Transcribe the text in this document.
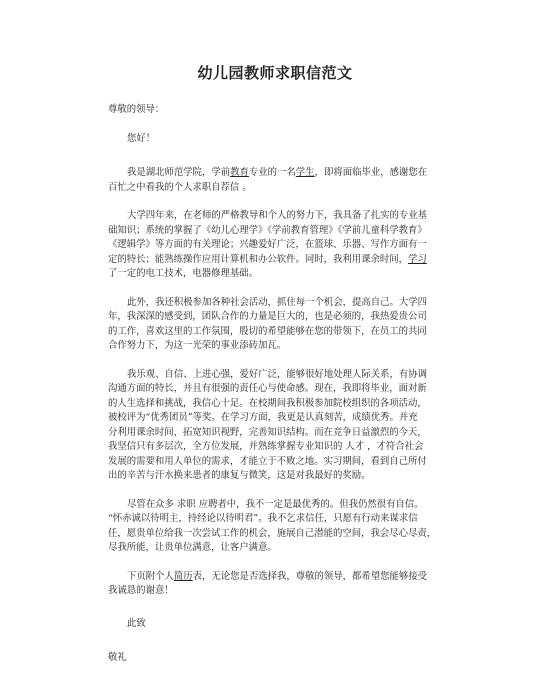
幼儿园教师求职信范文

尊敬的领导：

您好！

我是湖北师范学院，学前教育专业的一名学生，即将面临毕业，感谢您在

百忙之中看我的个人求职自荐信 。

大学四年来，在老师的严格教导和个人的努力下，我具备了扎实的专业基

础知识；系统的掌握了《幼儿心理学》《学前教育管理》《学前儿童科学教育》

《逻辑学》等方面的有关理论；兴趣爱好广泛，在篮球、乐器、写作方面有一

定的特长；能熟练操作应用计算机和办公软件。同时，我利用课余时间，学习

了一定的电工技术，电器修理基础。

此外，我还积极参加各种社会活动，抓住每一个机会，提高自己。大学四

年，我深深的感受到，团队合作的力量是巨大的，也是必须的，我热爱贵公司

的工作，喜欢这里的工作氛围，殷切的希望能够在您的带领下，在员工的共同

合作努力下，为这一光荣的事业添砖加瓦。

我乐观、自信、上进心强，爱好广泛，能够很好地处理人际关系，有协调

沟通方面的特长，并且有很强的责任心与使命感。现在，我即将毕业，面对新

的人生选择和挑战，我信心十足。在校期间我积极参加院校组织的各项活动，

被校评为“优秀团员”等奖。在学习方面，我更是认真刻苦，成绩优秀。并充

分利用课余时间，拓宽知识视野，完善知识结构。而在竞争日益激烈的今天，

我坚信只有多层次，全方位发展，并熟练掌握专业知识的 人才 ，才符合社会

发展的需要和用人单位的需求，才能立于不败之地。实习期间，看到自己所付

出的辛苦与汗水换来患者的康复与微笑，这是对我最好的奖励。

尽管在众多 求职 应聘者中，我不一定是最优秀的。但我仍然很有自信。

“怀赤诚以待明主，持经论以待明君”。我不乞求信任，只愿有行动来谋求信

任，愿贵单位给我一次尝试工作的机会，施展自己潜能的空间，我会尽心尽责，

尽我所能，让贵单位满意，让客户满意。

下页附个人简历表，无论您是否选择我，尊敬的领导，都希望您能够接受

我诚恳的谢意！

此致

敬礼
